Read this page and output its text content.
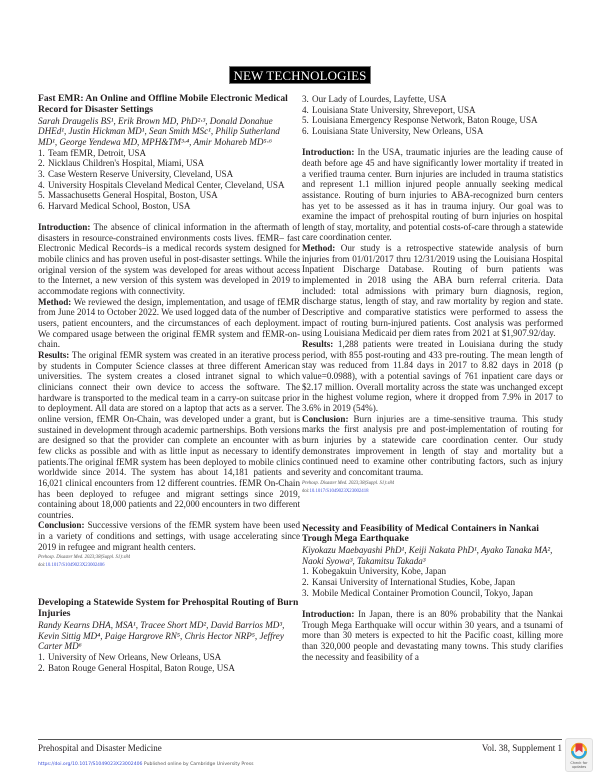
NEW TECHNOLOGIES
Fast EMR: An Online and Offline Mobile Electronic Medical Record for Disaster Settings
Sarah Draugelis BS¹, Erik Brown MD, PhD²·³, Donald Donahue DHEd¹, Justin Hickman MD¹, Sean Smith MSc¹, Philip Sutherland MD¹, George Yendewa MD, MPH&TM³·⁴, Amir Mohareb MD⁵·⁶
1. Team fEMR, Detroit, USA
2. Nicklaus Children's Hospital, Miami, USA
3. Case Western Reserve University, Cleveland, USA
4. University Hospitals Cleveland Medical Center, Cleveland, USA
5. Massachusetts General Hospital, Boston, USA
6. Harvard Medical School, Boston, USA

Introduction: The absence of clinical information in the aftermath of disasters in resource-constrained environments costs lives. fEMR– fast Electronic Medical Records–is a medical records system designed for mobile clinics and has proven useful in post-disaster settings. While the original version of the system was developed for areas without access to the Internet, a new version of this system was developed in 2019 to accommodate regions with connectivity.

Method: We reviewed the design, implementation, and usage of fEMR from June 2014 to October 2022. We used logged data of the number of users, patient encounters, and the circumstances of each deployment. We compared usage between the original fEMR system and fEMR-on-chain.

Results: The original fEMR system was created in an iterative process by students in Computer Science classes at three different American universities. The system creates a closed intranet signal to which clinicians connect their own device to access the software. The hardware is transported to the medical team in a carry-on suitcase prior to deployment. All data are stored on a laptop that acts as a server. The online version, fEMR On-Chain, was developed under a grant, but is sustained in development through academic partnerships. Both versions are designed so that the provider can complete an encounter with as few clicks as possible and with as little input as necessary to identify patients.The original fEMR system has been deployed to mobile clinics worldwide since 2014. The system has about 14,181 patients and 16,021 clinical encounters from 12 different countries. fEMR On-Chain has been deployed to refugee and migrant settings since 2019, containing about 18,000 patients and 22,000 encounters in two different countries.

Conclusion: Successive versions of the fEMR system have been used in a variety of conditions and settings, with usage accelerating since 2019 in refugee and migrant health centers.

Prehosp. Disaster Med. 2023;38(Suppl. S1):s84
doi:10.1017/S1049023X23002406
Developing a Statewide System for Prehospital Routing of Burn Injuries
Randy Kearns DHA, MSA¹, Tracee Short MD², David Barrios MD³, Kevin Sittig MD⁴, Paige Hargrove RN⁵, Chris Hector NRP⁵, Jeffrey Carter MD⁶
1. University of New Orleans, New Orleans, USA
2. Baton Rouge General Hospital, Baton Rouge, USA
3. Our Lady of Lourdes, Layfette, USA
4. Louisiana State University, Shreveport, USA
5. Louisiana Emergency Response Network, Baton Rouge, USA
6. Louisiana State University, New Orleans, USA

Introduction: In the USA, traumatic injuries are the leading cause of death before age 45 and have significantly lower mortality if treated in a verified trauma center. Burn injuries are included in trauma statistics and represent 1.1 million injured people annually seeking medical assistance. Routing of burn injuries to ABA-recognized burn centers has yet to be assessed as it has in trauma injury. Our goal was to examine the impact of prehospital routing of burn injuries on hospital length of stay, mortality, and potential costs-of-care through a statewide care coordination center.

Method: Our study is a retrospective statewide analysis of burn injuries from 01/01/2017 thru 12/31/2019 using the Louisiana Hospital Inpatient Discharge Database. Routing of burn patients was implemented in 2018 using the ABA burn referral criteria. Data included: total admissions with primary burn diagnosis, region, discharge status, length of stay, and raw mortality by region and state. Descriptive and comparative statistics were performed to assess the impact of routing burn-injured patients. Cost analysis was performed using Louisiana Medicaid per diem rates from 2021 at $1,907.92/day.

Results: 1,288 patients were treated in Louisiana during the study period, with 855 post-routing and 433 pre-routing. The mean length of stay was reduced from 11.84 days in 2017 to 8.82 days in 2018 (p value=0.0988), with a potential savings of 761 inpatient care days or $2.17 million. Overall mortality across the state was unchanged except in the highest volume region, where it dropped from 7.9% in 2017 to 3.6% in 2019 (54%).

Conclusion: Burn injuries are a time-sensitive trauma. This study marks the first analysis pre and post-implementation of routing for burn injuries by a statewide care coordination center. Our study demonstrates improvement in length of stay and mortality but a continued need to examine other contributing factors, such as injury severity and concomitant trauma.

Prehosp. Disaster Med. 2023;38(Suppl. S1):s84
doi:10.1017/S1049023X23002418
Necessity and Feasibility of Medical Containers in Nankai Trough Mega Earthquake
Kiyokazu Maebayashi PhD¹, Keiji Nakata PhD¹, Ayako Tanaka MA², Naoki Syowa³, Takamitsu Takada³
1. Kobegakuin University, Kobe, Japan
2. Kansai University of International Studies, Kobe, Japan
3. Mobile Medical Container Promotion Council, Tokyo, Japan

Introduction: In Japan, there is an 80% probability that the Nankai Trough Mega Earthquake will occur within 30 years, and a tsunami of more than 30 meters is expected to hit the Pacific coast, killing more than 320,000 people and devastating many towns. This study clarifies the necessity and feasibility of a

Prehospital and Disaster Medicine	Vol. 38, Supplement 1
https://doi.org/10.1017/S1049023X23002406 Published online by Cambridge University Press	Check for
updates
